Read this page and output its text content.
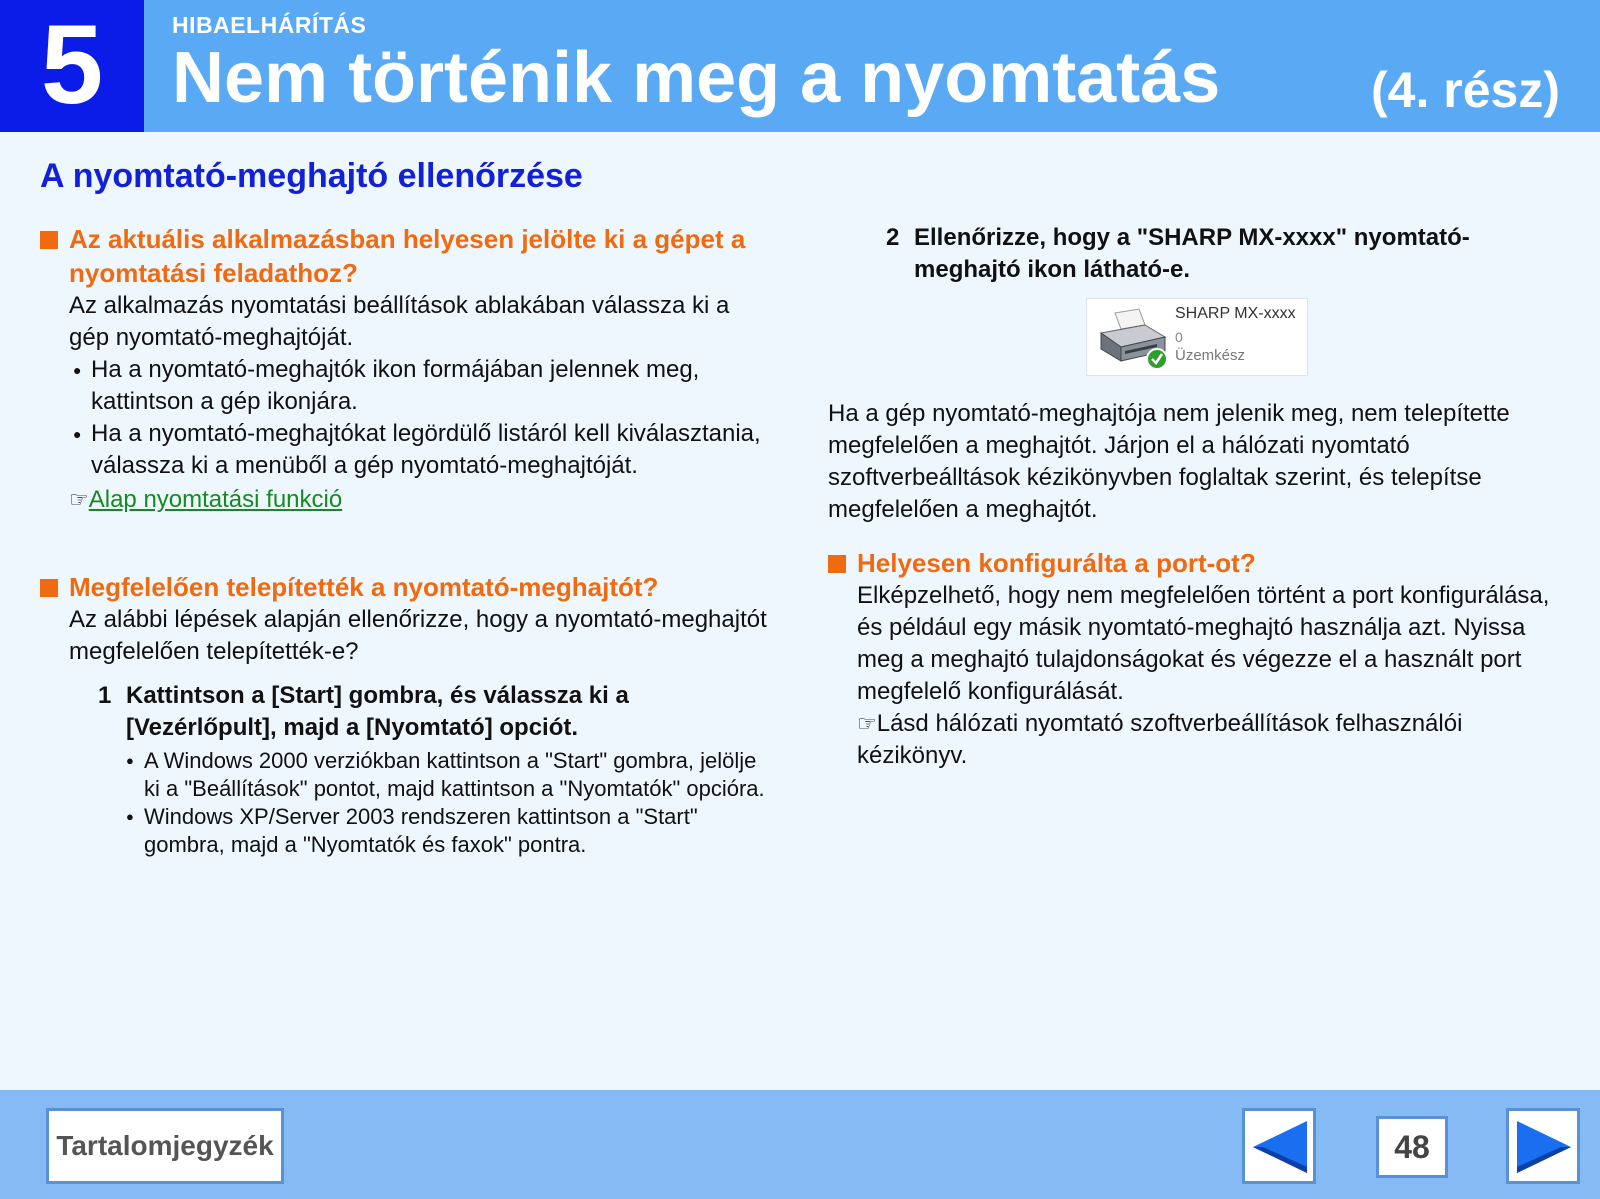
5	HIBAELHÁRÍTÁS
Nem történik meg a nyomtatás	(4. rész)
A nyomtató-meghajtó ellenőrzése
Az aktuális alkalmazásban helyesen jelölte ki a gépet a nyomtatási feladathoz?
Az alkalmazás nyomtatási beállítások ablakában válassza ki a gép nyomtató-meghajtóját.
● Ha a nyomtató-meghajtók ikon formájában jelennek meg, kattintson a gép ikonjára.
● Ha a nyomtató-meghajtókat legördülő listáról kell kiválasztania, válassza ki a menüből a gép nyomtató-meghajtóját.
☞Alap nyomtatási funkció
Megfelelően telepítették a nyomtató-meghajtót?
Az alábbi lépések alapján ellenőrizze, hogy a nyomtató-meghajtót megfelelően telepítették-e?
1 Kattintson a [Start] gombra, és válassza ki a [Vezérlőpult], majd a [Nyomtató] opciót.
● A Windows 2000 verziókban kattintson a "Start" gombra, jelölje ki a "Beállítások" pontot, majd kattintson a "Nyomtatók" opcióra.
● Windows XP/Server 2003 rendszeren kattintson a "Start" gombra, majd a "Nyomtatók és faxok" pontra.
2 Ellenőrizze, hogy a "SHARP MX-xxxx" nyomtató-meghajtó ikon látható-e.
SHARP MX-xxxx
0
Üzemkész
Ha a gép nyomtató-meghajtója nem jelenik meg, nem telepítette megfelelően a meghajtót. Járjon el a hálózati nyomtató szoftverbeálltások kézikönyvben foglaltak szerint, és telepítse megfelelően a meghajtót.
Helyesen konfigurálta a port-ot?
Elképzelhető, hogy nem megfelelően történt a port konfigurálása, és például egy másik nyomtató-meghajtó használja azt. Nyissa meg a meghajtó tulajdonságokat és végezze el a használt port megfelelő konfigurálását.
☞Lásd hálózati nyomtató szoftverbeállítások felhasználói kézikönyv.
Tartalomjegyzék	48
